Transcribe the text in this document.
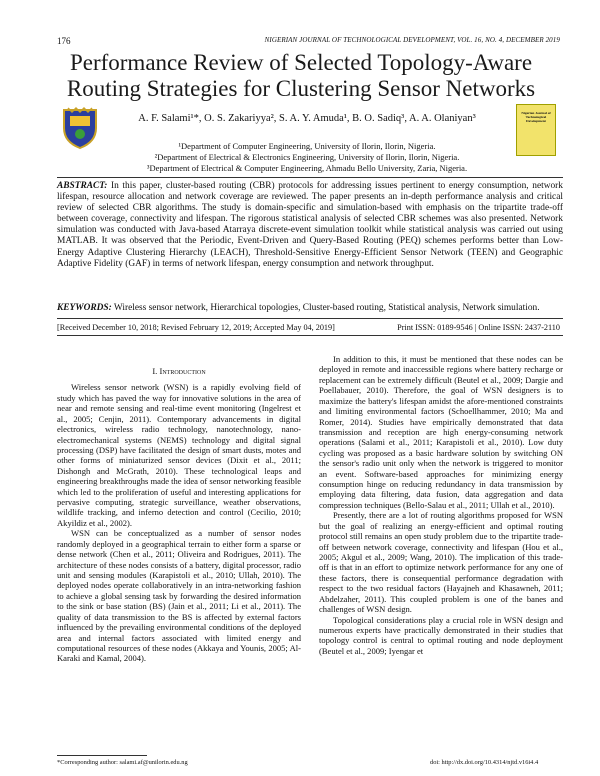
176	NIGERIAN JOURNAL OF TECHNOLOGICAL DEVELOPMENT, VOL. 16, NO. 4, DECEMBER 2019
Performance Review of Selected Topology-Aware
Routing Strategies for Clustering Sensor Networks
Nigerian Journal of Technological Development
A. F. Salami¹*, O. S. Zakariyya², S. A. Y. Amuda¹, B. O. Sadiq³, A. A. Olaniyan³
¹Department of Computer Engineering, University of Ilorin, Ilorin, Nigeria.
²Department of Electrical & Electronics Engineering, University of Ilorin, Ilorin, Nigeria.
³Department of Electrical & Computer Engineering, Ahmadu Bello University, Zaria, Nigeria.
ABSTRACT: In this paper, cluster-based routing (CBR) protocols for addressing issues pertinent to energy consumption, network lifespan, resource allocation and network coverage are reviewed. The paper presents an in-depth performance analysis and critical review of selected CBR algorithms. The study is domain-specific and simulation-based with emphasis on the tripartite trade-off between coverage, connectivity and lifespan. The rigorous statistical analysis of selected CBR schemes was also presented. Network simulation was conducted with Java-based Atarraya discrete-event simulation toolkit while statistical analysis was carried out using MATLAB. It was observed that the Periodic, Event-Driven and Query-Based Routing (PEQ) schemes performs better than Low-Energy Adaptive Clustering Hierarchy (LEACH), Threshold-Sensitive Energy-Efficient Sensor Network (TEEN) and Geographic Adaptive Fidelity (GAF) in terms of network lifespan, energy consumption and network throughput.
KEYWORDS: Wireless sensor network, Hierarchical topologies, Cluster-based routing, Statistical analysis, Network simulation.
[Received December 10, 2018; Revised February 12, 2019; Accepted May 04, 2019]	Print ISSN: 0189-9546 | Online ISSN: 2437-2110
I. Introduction

Wireless sensor network (WSN) is a rapidly evolving field of study which has paved the way for innovative solutions in the area of near and remote sensing and real-time event monitoring (Ingelrest et al., 2005; Cenjin, 2011). Contemporary advancements in digital electronics, wireless radio technology, nanotechnology, nano-electromechanical systems (NEMS) technology and digital signal processing (DSP) have facilitated the design of smart dusts, motes and other forms of miniaturized sensor devices (Dixit et al., 2011; Dishongh and McGrath, 2010). These technological leaps and engineering breakthroughs made the idea of sensor networking feasible which led to the proliferation of useful and interesting applications for pervasive computing, strategic surveillance, weather observations, wildlife tracking, and inferno detection and control (Cecilio, 2010; Akyildiz et al., 2002).

WSN can be conceptualized as a number of sensor nodes randomly deployed in a geographical terrain to either form a sparse or dense network (Chen et al., 2011; Oliveira and Rodrigues, 2011). The architecture of these nodes consists of a battery, digital processor, radio unit and sensing modules (Karapistoli et al., 2010; Ullah, 2010). The deployed nodes operate collaboratively in an intra-networking fashion to achieve a global sensing task by forwarding the desired information to the sink or base station (BS) (Jain et al., 2011; Li et al., 2011). The quality of data transmission to the BS is affected by external factors influenced by the prevailing environmental conditions of the deployed area and internal factors associated with limited energy and computational resources of these nodes (Akkaya and Younis, 2005; Al-Karaki and Kamal, 2004).

In addition to this, it must be mentioned that these nodes can be deployed in remote and inaccessible regions where battery recharge or replacement can be extremely difficult (Beutel et al., 2009; Dargie and Poellabauer, 2010). Therefore, the goal of WSN designers is to maximize the battery's lifespan amidst the afore-mentioned constraints and limiting environmental factors (Schoellhammer, 2010; Ma and Romer, 2014). Studies have empirically demonstrated that data transmission and reception are high energy-consuming network operations (Salami et al., 2011; Karapistoli et al., 2010). Low duty cycling was proposed as a basic hardware solution by switching ON the sensor's radio unit only when the network is triggered to monitor an event. Software-based approaches for minimizing energy consumption hinge on reducing redundancy in data transmission by employing data filtering, data fusion, data aggregation and data compression techniques (Bello-Salau et al., 2011; Ullah et al., 2010).

Presently, there are a lot of routing algorithms proposed for WSN but the goal of realizing an energy-efficient and optimal routing protocol still remains an open study problem due to the tripartite trade-off between network coverage, connectivity and lifespan (Hou et al., 2005; Akgul et al., 2009; Wang, 2010). The implication of this trade-off is that in an effort to optimize network performance for any one of these factors, there is consequential performance degradation with respect to the two residual factors (Hayajneh and Khasawneh, 2011; Abdelzaher, 2011). This coupled problem is one of the banes and challenges of WSN design.

Topological considerations play a crucial role in WSN design and numerous experts have practically demonstrated in their studies that topology control is central to optimal routing and node deployment (Beutel et al., 2009; Iyengar et

*Corresponding author: salami.af@unilorin.edu.ng	doi: http://dx.doi.org/10.4314/njtd.v16i4.4
